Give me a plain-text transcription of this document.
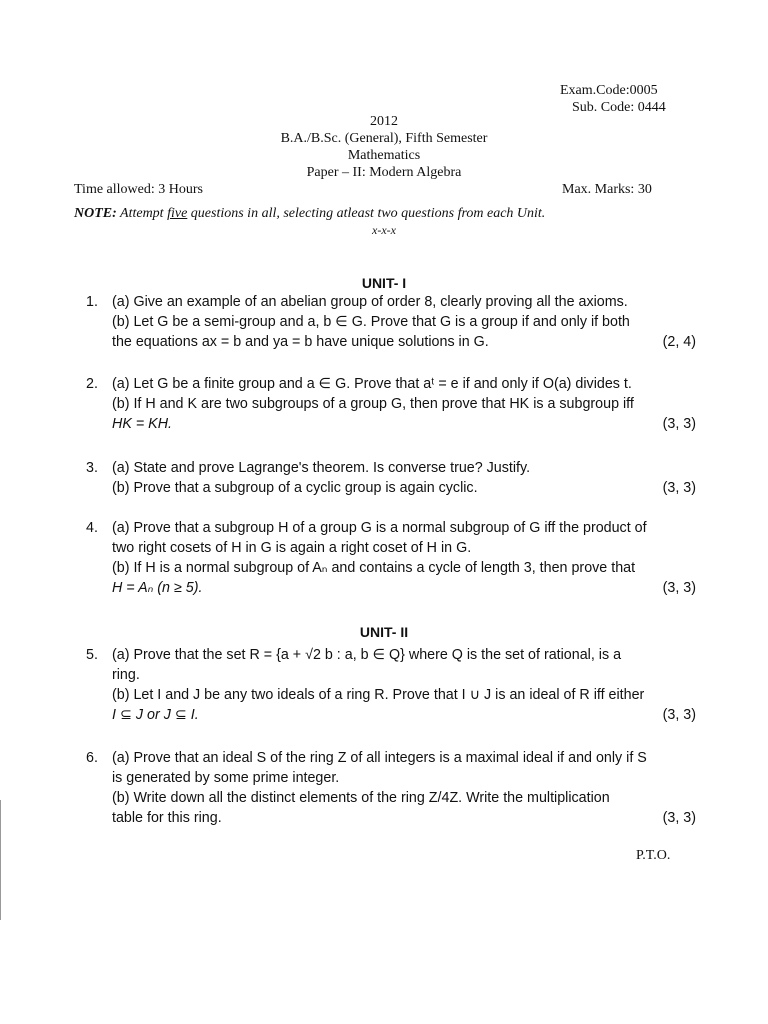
Exam.Code:0005
Sub. Code: 0444
2012
B.A./B.Sc. (General), Fifth Semester
Mathematics
Paper – II: Modern Algebra
Time allowed: 3 Hours	Max. Marks: 30
NOTE: Attempt five questions in all, selecting atleast two questions from each Unit.
x-x-x
UNIT- I
1. (a) Give an example of an abelian group of order 8, clearly proving all the axioms.
(b) Let G be a semi-group and a, b ∈ G. Prove that G is a group if and only if both
the equations ax = b and ya = b have unique solutions in G.	(2, 4)
2. (a) Let G be a finite group and a ∈ G. Prove that aᵗ = e if and only if O(a) divides t.
(b) If H and K are two subgroups of a group G, then prove that HK is a subgroup iff
HK = KH.	(3, 3)
3. (a) State and prove Lagrange's theorem. Is converse true? Justify.
(b) Prove that a subgroup of a cyclic group is again cyclic.	(3, 3)
4. (a) Prove that a subgroup H of a group G is a normal subgroup of G iff the product of
two right cosets of H in G is again a right coset of H in G.
(b) If H is a normal subgroup of Aₙ and contains a cycle of length 3, then prove that
H = Aₙ (n ≥ 5).	(3, 3)
UNIT- II
5. (a) Prove that the set R = {a + √2 b : a, b ∈ Q} where Q is the set of rational, is a
ring.
(b) Let I and J be any two ideals of a ring R. Prove that I ∪ J is an ideal of R iff either
I ⊆ J or J ⊆ I.	(3, 3)
6. (a) Prove that an ideal S of the ring Z of all integers is a maximal ideal if and only if S
is generated by some prime integer.
(b) Write down all the distinct elements of the ring Z/4Z. Write the multiplication
table for this ring.	(3, 3)
P.T.O.
